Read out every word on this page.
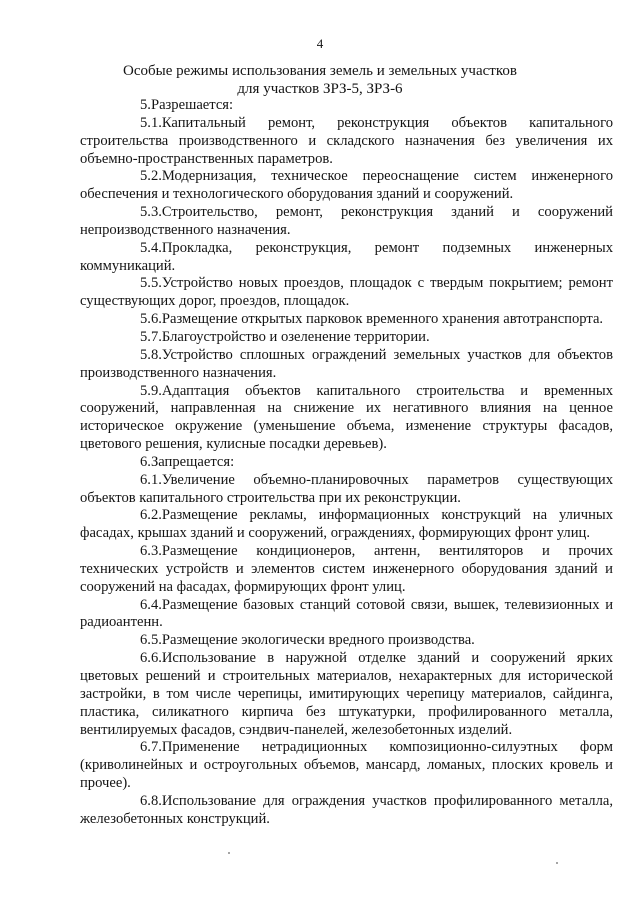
4
Особые режимы использования земель и земельных участков
для участков ЗРЗ-5, ЗРЗ-6

5.Разрешается:

5.1.Капитальный ремонт, реконструкция объектов капитального строительства производственного и складского назначения без увеличения их объемно-пространственных параметров.

5.2.Модернизация, техническое переоснащение систем инженерного обеспечения и технологического оборудования зданий и сооружений.

5.3.Строительство, ремонт, реконструкция зданий и сооружений непроизводственного назначения.

5.4.Прокладка, реконструкция, ремонт подземных инженерных коммуникаций.

5.5.Устройство новых проездов, площадок с твердым покрытием; ремонт существующих дорог, проездов, площадок.

5.6.Размещение открытых парковок временного хранения автотранспорта.

5.7.Благоустройство и озеленение территории.

5.8.Устройство сплошных ограждений земельных участков для объектов производственного назначения.

5.9.Адаптация объектов капитального строительства и временных сооружений, направленная на снижение их негативного влияния на ценное историческое окружение (уменьшение объема, изменение структуры фасадов, цветового решения, кулисные посадки деревьев).

6.Запрещается:

6.1.Увеличение объемно-планировочных параметров существующих объектов капитального строительства при их реконструкции.

6.2.Размещение рекламы, информационных конструкций на уличных фасадах, крышах зданий и сооружений, ограждениях, формирующих фронт улиц.

6.3.Размещение кондиционеров, антенн, вентиляторов и прочих технических устройств и элементов систем инженерного оборудования зданий и сооружений на фасадах, формирующих фронт улиц.

6.4.Размещение базовых станций сотовой связи, вышек, телевизионных и радиоантенн.

6.5.Размещение экологически вредного производства.

6.6.Использование в наружной отделке зданий и сооружений ярких цветовых решений и строительных материалов, нехарактерных для исторической застройки, в том числе черепицы, имитирующих черепицу материалов, сайдинга, пластика, силикатного кирпича без штукатурки, профилированного металла, вентилируемых фасадов, сэндвич-панелей, железобетонных изделий.

6.7.Применение нетрадиционных композиционно-силуэтных форм (криволинейных и остроугольных объемов, мансард, ломаных, плоских кровель и прочее).

6.8.Использование для ограждения участков профилированного металла, железобетонных конструкций.
